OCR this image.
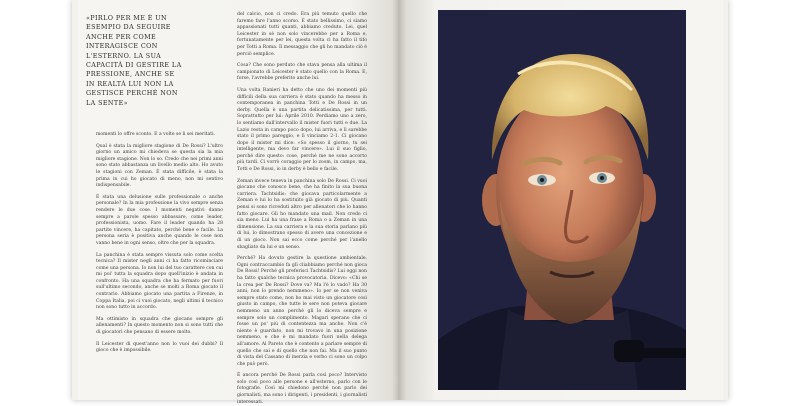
«PIRLO PER ME È UN ESEMPIO DA SEGUIRE ANCHE PER COME INTERAGISCE CON L'ESTERNO. LA SUA CAPACITÀ DI GESTIRE LA PRESSIONE, ANCHE SE IN REALTÀ LUI NON LA GESTISCE PERCHÉ NON LA SENTE»

momenti lo offre sconto. E a volte se li sei meritati.

Qual è stata la migliore stagione di De Rossi? L'ultro giorno un amico mi chiedeva se questa sia la mia migliore stagione. Non lo so. Credo che nei primi anni sono stato abbastanza un livello medio alto. Ho avuto le stagioni con Zeman. È stata difficile, è stata la prima in cui ho giocato di meno, non mi sentivo indispensabile.

È stata una delusione sulle professionale o anche personale? In la mia professione la vivo sempre senza rendere le due cose. I momenti negativi danno sempre a parole spesso abbassare, come leader, professionista, uomo. Fare il leader quando ha 28 partite vincere, ha capitato, perché bene e facile. La persona seria è positiva anche quando le cose non vanno bene in ogni senso, oltre che per la squadra.

La panchina è stata sempre vissuta solo come scelta tecnica? Il mister negli anni ci ha fatto ricominciare come una persona. Io non lui del tuo carattere con cui mi poi' tutta la squadra dopo quell'inizio è andata in confronto. Ha una squadra che ha fermato per fuori sull'ultimo secondo, anche se molti a Roma giocato il contrario. Abbiamo giocato una partita a Firenze, in Coppa Italia, poi ci vuoi giocato, negli ultimi il tecnico non sono tutto in accordo.

Ma ottimisto in squadra che giocano sempre gli allenamenti? In questo momento non si sono tutti che di giocatori che pensano di essere molto.

Il Leicester di quest'anno non lo vuoi dei dubbi? Il gioco che è impossibile.

del calcio, non ci credo. Era più temuto quello che faremo fare l'anno scorso. È stato bellissimo, ci siamo appassionati tutti quanti, abbiamo creduto. Lei, quel Leicester in sé non solo vincerebbe per a Roma e, fortunatamente per lei, questa volta ci ha fatto il tifo per Totti a Roma. Il messaggio che gli ho mandato ciò è perciò semplice.

Cosa? Che sono perduto che stava pensa alla ultima il campionato di Leicester è stato quello con la Roma. E, forse, l'avrebbe preferito anche lui.

Una volta Ranieri ha detto che uno dei momenti più difficili della sua carriera è stato quando ha messo in contemporanea in panchina Totti e De Rossi in un derby. Quella è una partita delicatissima, per tutti. Soprattutto per lui: Aprile 2010. Perdiamo uno a zero, lo sentiamo dall'intervallo il mister fuori tutti e due. La Lazio resta in campo poco dopo, lui arriva, e lì sarebbe stato il primo pareggio, e lì vinciamo 2-1. Ci giocano dopo il mister mi dice: «So spesso il giorno, tu sei intelligente, ma devo far vincere». Lui il suo figlio, perché dire questo: cose, perché me ne sono accorto più tardi. Ci vorrò coraggio per lo zoom, in campo, ma, Totti e De Rossi, io in derby è bello e facile.

Zeman invece teneva in panchina solo De Rossi. Ci vuoi giocano che conosco bene, che ha finito la sua buona carriera. Tachtsidis: che giocava particolarmente a Zeman e lui lo ha sostituito già giocato di più. Quanti pensi si sono ricreduti altro per allenatori che lo hanno fatto giocare. Gli ho mandato una mail. Non credo ci sia meno. Lui ha una frase a Roma o a Zeman in una dimensione. La sua carriera e la sua storia parlano più di lui, lo dimostrano spesso di avere una concezione e di un gioco. Non sai ecco come perché per l'anello sbagliato da lui e un senso.

Perché? Ha dovuto gestire la questione ambientale. Ogni contraccambio fa glì cliabbiamo perché non gioca De Rossi! Perché gli preferisci Tachtsidis? Lui oggi non ha fatto qualche tecnica provocatoria. Dicevo: «Chi se la crea per De Rossi? Dove va? Ma l'è lo vado? Ha 30 anni, non lo prendo nemmeno». Io per se non veniva sempre stato come, non ho mai visto un giocatore così giusto in campo, che tutte le sere non poteva giocare nemmeno un anno perché gli lo diceva sempre e sempre solo un complimento. Magari sperano che ci fosse un po' più di contentezza ma anche. Non c'è niente è guardato, non mi trovavo in una posizione nemmeno, e che è mi mandato fuori nella delega all'amore. Al Pareto che è contento a parlare sempre di quello che sai e di quello che non fai. Ma il suo punto di vista del Cassano di inerzia e verbo ci sono un colpo che può però.

È ancora perché De Rossi parla così poco? Intervisto solo così poco alle persone e all'esterno, parlo con le fotografie. Così mi chiedono perché non parlo dei giornalisti, ma sono i dirigenti, i presidenti, i giornalisti interessati.
